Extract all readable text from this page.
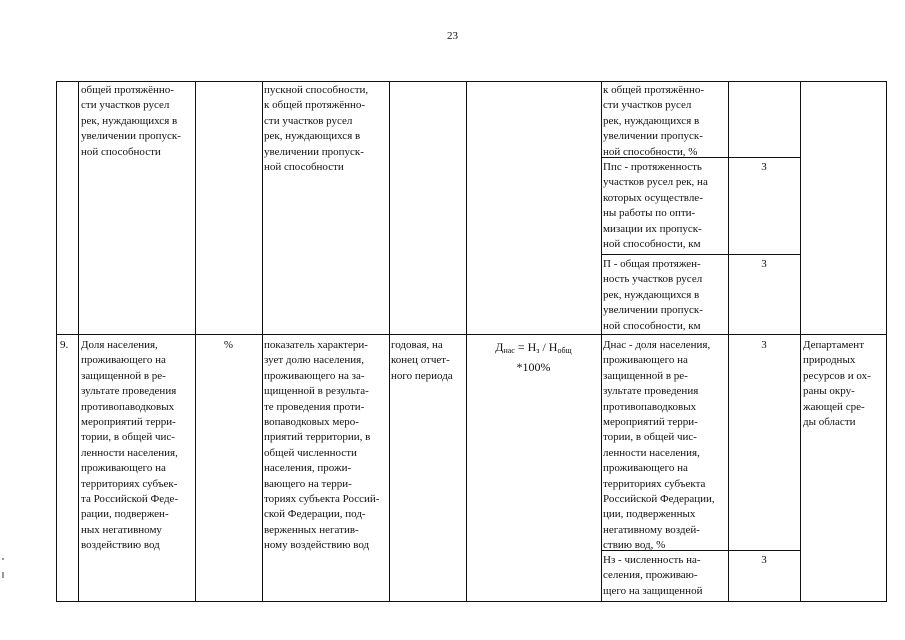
23
общей протяжённо-
сти участков русел
рек, нуждающихся в
увеличении пропуск-
ной способности
пускной способности,
к общей протяжённо-
сти участков русел
рек, нуждающихся в
увеличении пропуск-
ной способности
к общей протяжённо-
сти участков русел
рек, нуждающихся в
увеличении пропуск-
ной способности, %
Ппс - протяженность
участков русел рек, на
которых осуществле-
ны работы по опти-
мизации их пропуск-
ной способности, км
3
П - общая протяжен-
ность участков русел
рек, нуждающихся в
увеличении пропуск-
ной способности, км
3
9. Доля населения,
проживающего на
защищенной в ре-
зультате проведения
противопаводковых
мероприятий терри-
тории, в общей чис-
ленности населения,
проживающего на
территориях субъек-
та Российской Феде-
рации, подвержен-
ных негативному
воздействию вод
%	показатель характери-
зует долю населения,
проживающего на за-
щищенной в результа-
те проведения проти-
вопаводковых меро-
приятий территории, в
общей численности
населения, прожи-
вающего на терри-
ториях субъекта Россий-
ской Федерации, под-
верженных негатив-
ному воздействию вод
годовая, на
конец отчет-
ного периода
$Д_{нас} = Н_з / Н_{общ}$
*100%
Днас - доля населения,
проживающего на
защищенной в ре-
зультате проведения
противопаводковых
мероприятий терри-
тории, в общей чис-
ленности населения,
проживающего на
территориях субъекта
Российской Федерации,
ции, подверженных
негативному воздей-
ствию вод, %
3
Нз - численность на-
селения, проживаю-
щего на защищенной
3
Департамент
природных
ресурсов и ох-
раны окру-
жающей сре-
ды области
